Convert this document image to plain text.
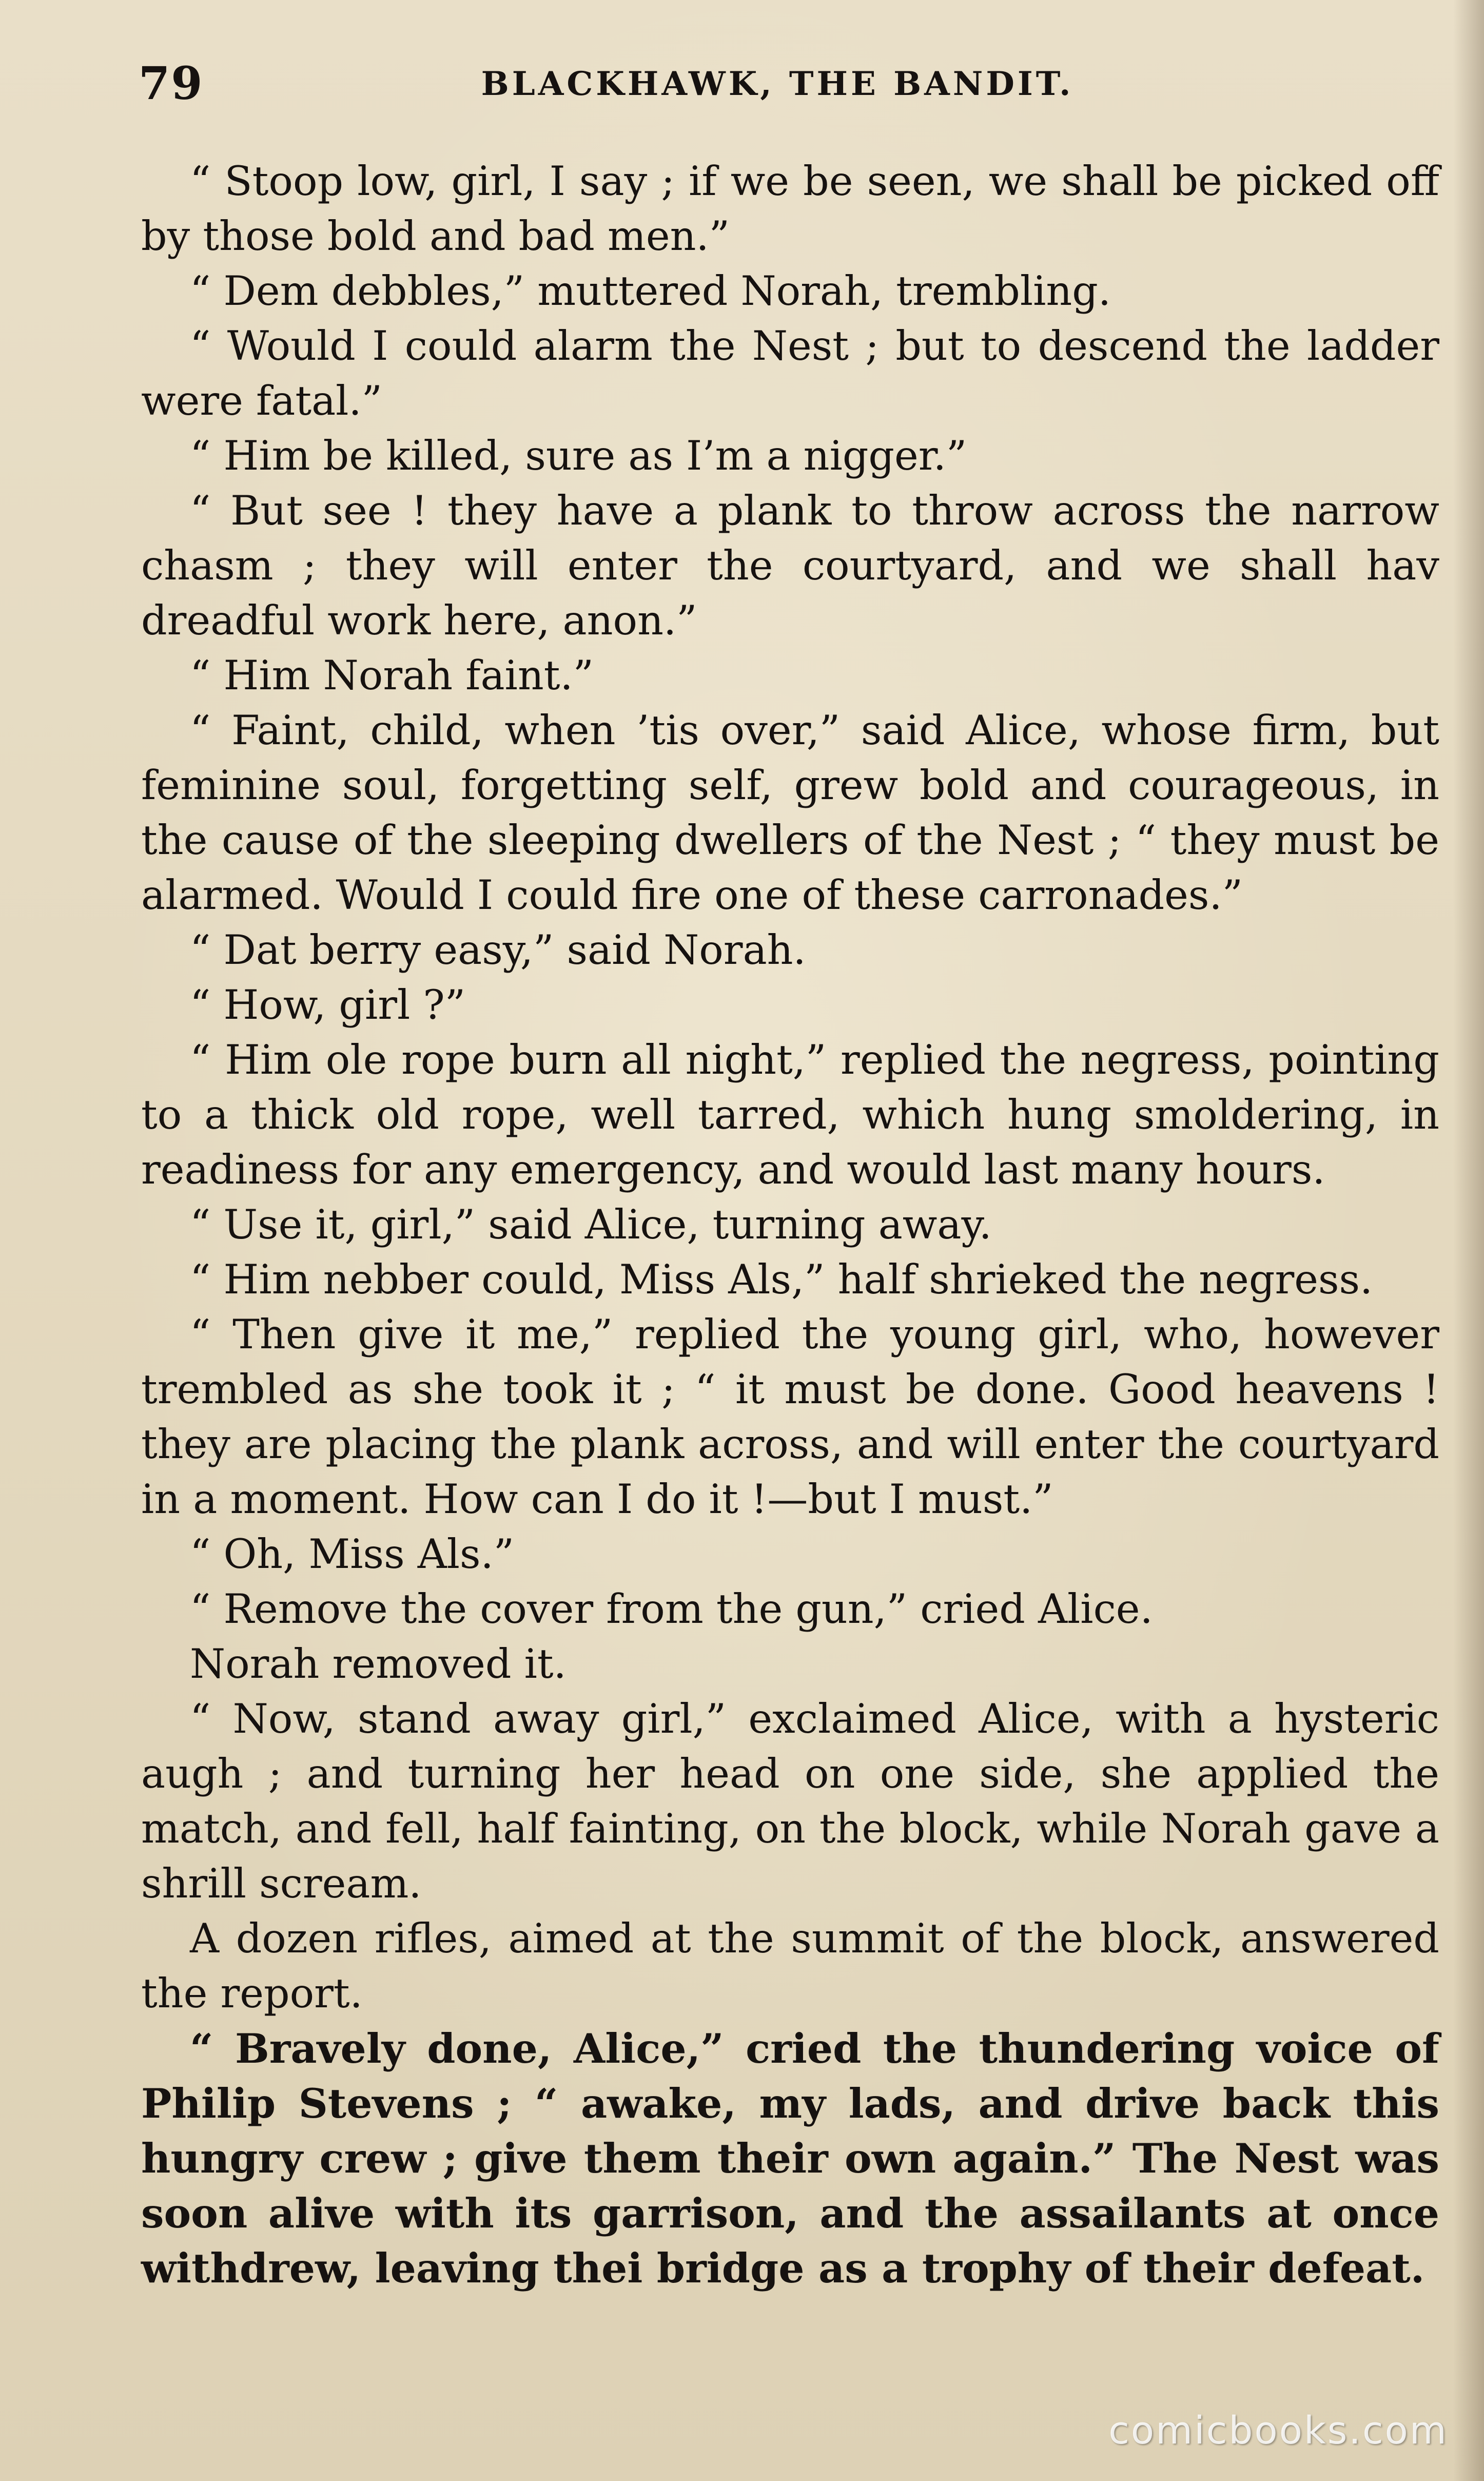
79	BLACKHAWK, THE BANDIT.

“ Stoop low, girl, I say ; if we be seen, we shall be picked off by those bold and bad men.”

“ Dem debbles,” muttered Norah, trembling.

“ Would I could alarm the Nest ; but to descend the ladder were fatal.”

“ Him be killed, sure as I’m a nigger.”

“ But see ! they have a plank to throw across the narrow chasm ; they will enter the courtyard, and we shall hav dreadful work here, anon.”

“ Him Norah faint.”

“ Faint, child, when ’tis over,” said Alice, whose firm, but feminine soul, forgetting self, grew bold and courageous, in the cause of the sleeping dwellers of the Nest ; “ they must be alarmed. Would I could fire one of these carronades.”

“ Dat berry easy,” said Norah.

“ How, girl ?”

“ Him ole rope burn all night,” replied the negress, pointing to a thick old rope, well tarred, which hung smoldering, in readiness for any emergency, and would last many hours.

“ Use it, girl,” said Alice, turning away.

“ Him nebber could, Miss Als,” half shrieked the negress.

“ Then give it me,” replied the young girl, who, however trembled as she took it ; “ it must be done. Good heavens ! they are placing the plank across, and will enter the courtyard in a moment. How can I do it !—but I must.”

“ Oh, Miss Als.”

“ Remove the cover from the gun,” cried Alice.

Norah removed it.

“ Now, stand away girl,” exclaimed Alice, with a hysteric augh ; and turning her head on one side, she applied the match, and fell, half fainting, on the block, while Norah gave a shrill scream.

A dozen rifles, aimed at the summit of the block, answered the report.

“ Bravely done, Alice,” cried the thundering voice of Philip Stevens ; “ awake, my lads, and drive back this hungry crew ; give them their own again.” The Nest was soon alive with its garrison, and the assailants at once withdrew, leaving thei bridge as a trophy of their defeat.

comicbooks.com
